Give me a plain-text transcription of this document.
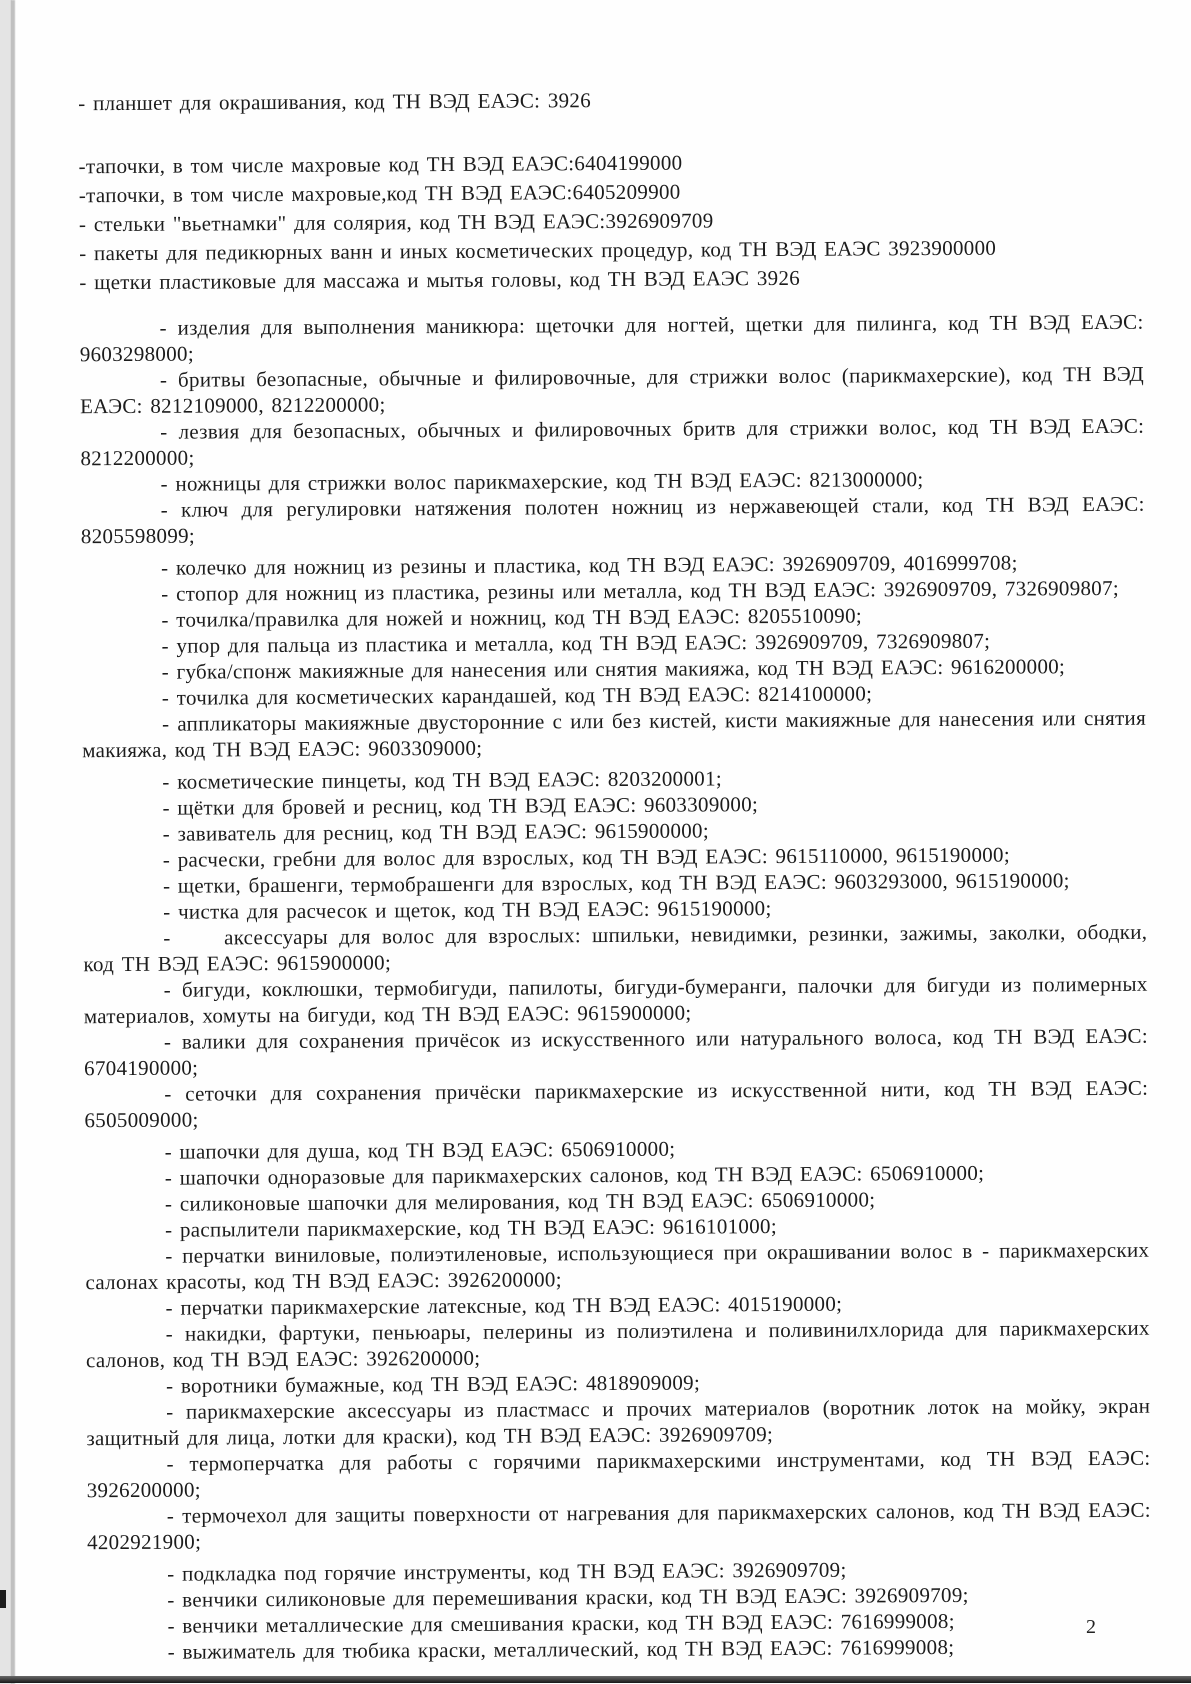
- планшет для окрашивания, код ТН ВЭД ЕАЭС: 3926

-тапочки, в том числе махровые код ТН ВЭД ЕАЭС:6404199000

-тапочки, в том числе махровые,код ТН ВЭД ЕАЭС:6405209900

- стельки "вьетнамки" для солярия, код ТН ВЭД ЕАЭС:3926909709

- пакеты для педикюрных ванн и иных косметических процедур, код ТН ВЭД ЕАЭС 3923900000

- щетки пластиковые для массажа и мытья головы, код ТН ВЭД ЕАЭС 3926

- изделия для выполнения маникюра: щеточки для ногтей, щетки для пилинга, код ТН ВЭД ЕАЭС: 9603298000;

- бритвы безопасные, обычные и филировочные, для стрижки волос (парикмахерские), код ТН ВЭД ЕАЭС: 8212109000, 8212200000;

- лезвия для безопасных, обычных и филировочных бритв для стрижки волос, код ТН ВЭД ЕАЭС: 8212200000;

- ножницы для стрижки волос парикмахерские, код ТН ВЭД ЕАЭС: 8213000000;

- ключ для регулировки натяжения полотен ножниц из нержавеющей стали, код ТН ВЭД ЕАЭС: 8205598099;

- колечко для ножниц из резины и пластика, код ТН ВЭД ЕАЭС: 3926909709, 4016999708;

- стопор для ножниц из пластика, резины или металла, код ТН ВЭД ЕАЭС: 3926909709, 7326909807;

- точилка/правилка для ножей и ножниц, код ТН ВЭД ЕАЭС: 8205510090;

- упор для пальца из пластика и металла, код ТН ВЭД ЕАЭС: 3926909709, 7326909807;

- губка/спонж макияжные для нанесения или снятия макияжа, код ТН ВЭД ЕАЭС: 9616200000;

- точилка для косметических карандашей, код ТН ВЭД ЕАЭС: 8214100000;

- аппликаторы макияжные двусторонние с или без кистей, кисти макияжные для нанесения или снятия макияжа, код ТН ВЭД ЕАЭС: 9603309000;

- косметические пинцеты, код ТН ВЭД ЕАЭС: 8203200001;

- щётки для бровей и ресниц, код ТН ВЭД ЕАЭС: 9603309000;

- завиватель для ресниц, код ТН ВЭД ЕАЭС: 9615900000;

- расчески, гребни для волос для взрослых, код ТН ВЭД ЕАЭС: 9615110000, 9615190000;

- щетки, брашенги, термобрашенги для взрослых, код ТН ВЭД ЕАЭС: 9603293000, 9615190000;

- чистка для расчесок и щеток, код ТН ВЭД ЕАЭС: 9615190000;

-   аксессуары для волос для взрослых: шпильки, невидимки, резинки, зажимы, заколки, ободки, код ТН ВЭД ЕАЭС: 9615900000;

- бигуди, коклюшки, термобигуди, папилоты, бигуди-бумеранги, палочки для бигуди из полимерных материалов, хомуты на бигуди, код ТН ВЭД ЕАЭС: 9615900000;

- валики для сохранения причёсок из искусственного или натурального волоса, код ТН ВЭД ЕАЭС: 6704190000;

- сеточки для сохранения причёски парикмахерские из искусственной нити, код ТН ВЭД ЕАЭС: 6505009000;

- шапочки для душа, код ТН ВЭД ЕАЭС: 6506910000;

- шапочки одноразовые для парикмахерских салонов, код ТН ВЭД ЕАЭС: 6506910000;

- силиконовые шапочки для мелирования, код ТН ВЭД ЕАЭС: 6506910000;

- распылители парикмахерские, код ТН ВЭД ЕАЭС: 9616101000;

- перчатки виниловые, полиэтиленовые, использующиеся при окрашивании волос в - парикмахерских салонах красоты, код ТН ВЭД ЕАЭС: 3926200000;

- перчатки парикмахерские латексные, код ТН ВЭД ЕАЭС: 4015190000;

- накидки, фартуки, пеньюары, пелерины из полиэтилена и поливинилхлорида для парикмахерских салонов, код ТН ВЭД ЕАЭС: 3926200000;

- воротники бумажные, код ТН ВЭД ЕАЭС: 4818909009;

- парикмахерские аксессуары из пластмасс и прочих материалов (воротник лоток на мойку, экран защитный для лица, лотки для краски), код ТН ВЭД ЕАЭС: 3926909709;

- термоперчатка для работы с горячими парикмахерскими инструментами, код ТН ВЭД ЕАЭС: 3926200000;

- термочехол для защиты поверхности от нагревания для парикмахерских салонов, код ТН ВЭД ЕАЭС: 4202921900;

- подкладка под горячие инструменты, код ТН ВЭД ЕАЭС: 3926909709;

- венчики силиконовые для перемешивания краски, код ТН ВЭД ЕАЭС: 3926909709;

- венчики металлические для смешивания краски, код ТН ВЭД ЕАЭС: 7616999008;

- выжиматель для тюбика краски, металлический, код ТН ВЭД ЕАЭС: 7616999008;

2
